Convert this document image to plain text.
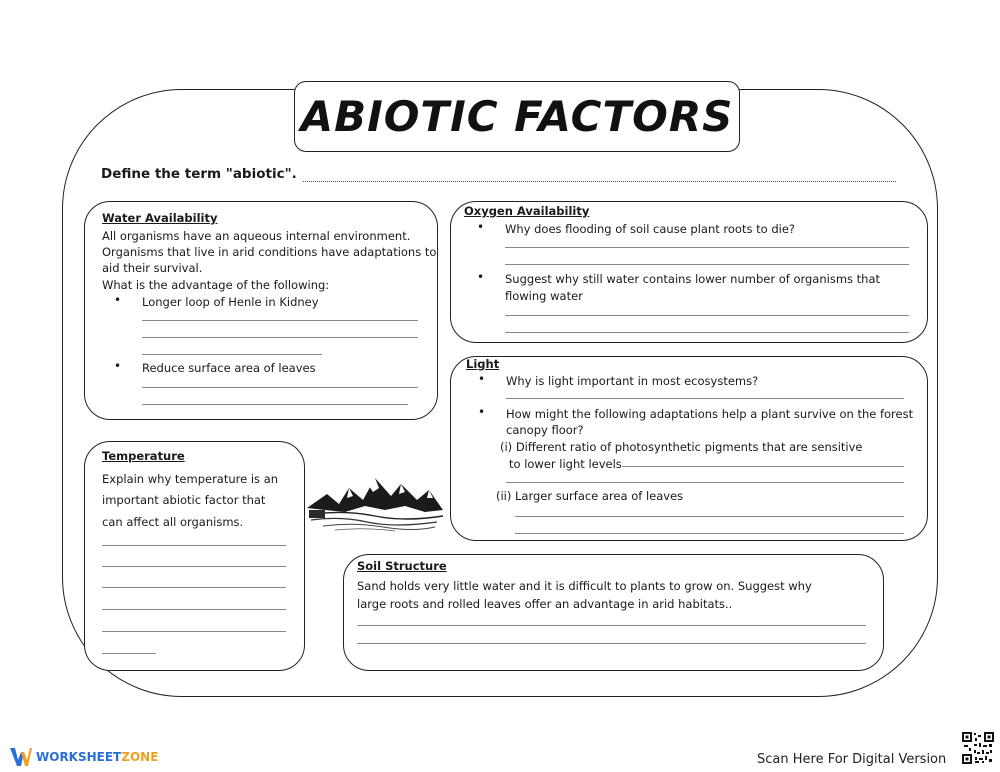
ABIOTIC FACTORS
Define the term "abiotic".
Water Availability
All organisms have an aqueous internal environment.
Organisms that live in arid conditions have adaptations to
aid their survival.
What is the advantage of the following:
• Longer loop of Henle in Kidney
• Reduce surface area of leaves
Oxygen Availability
• Why does flooding of soil cause plant roots to die?
• Suggest why still water contains lower number of organisms that
flowing water
Light
• Why is light important in most ecosystems?
• How might the following adaptations help a plant survive on the forest
canopy floor?
(i) Different ratio of photosynthetic pigments that are sensitive
to lower light levels
(ii) Larger surface area of leaves
Temperature
Explain why temperature is an
important abiotic factor that
can affect all organisms.
Soil Structure
Sand holds very little water and it is difficult to plants to grow on. Suggest why
large roots and rolled leaves offer an advantage in arid habitats..
WORKSHEET ZONE	Scan Here For Digital Version
